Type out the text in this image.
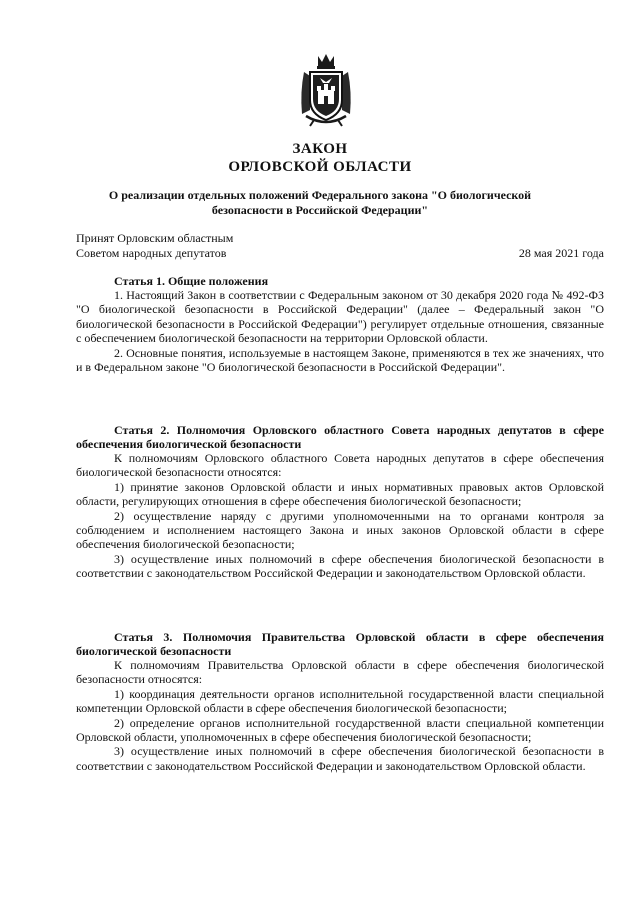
ЗАКОН
ОРЛОВСКОЙ ОБЛАСТИ
О реализации отдельных положений Федерального закона "О биологической безопасности в Российской Федерации"
Принят Орловским областным
Советом народных депутатов	28 мая 2021 года
Статья 1. Общие положения

1. Настоящий Закон в соответствии с Федеральным законом от 30 декабря 2020 года № 492-ФЗ "О биологической безопасности в Российской Федерации" (далее – Федеральный закон "О биологической безопасности в Российской Федерации") регулирует отдельные отношения, связанные с обеспечением биологической безопасности на территории Орловской области.

2. Основные понятия, используемые в настоящем Законе, применяются в тех же значениях, что и в Федеральном законе "О биологической безопасности в Российской Федерации".

Статья 2. Полномочия Орловского областного Совета народных депутатов в сфере обеспечения биологической безопасности

К полномочиям Орловского областного Совета народных депутатов в сфере обеспечения биологической безопасности относятся:

1) принятие законов Орловской области и иных нормативных правовых актов Орловской области, регулирующих отношения в сфере обеспечения биологической безопасности;

2) осуществление наряду с другими уполномоченными на то органами контроля за соблюдением и исполнением настоящего Закона и иных законов Орловской области в сфере обеспечения биологической безопасности;

3) осуществление иных полномочий в сфере обеспечения биологической безопасности в соответствии с законодательством Российской Федерации и законодательством Орловской области.

Статья 3. Полномочия Правительства Орловской области в сфере обеспечения биологической безопасности

К полномочиям Правительства Орловской области в сфере обеспечения биологической безопасности относятся:

1) координация деятельности органов исполнительной государственной власти специальной компетенции Орловской области в сфере обеспечения биологической безопасности;

2) определение органов исполнительной государственной власти специальной компетенции Орловской области, уполномоченных в сфере обеспечения биологической безопасности;

3) осуществление иных полномочий в сфере обеспечения биологической безопасности в соответствии с законодательством Российской Федерации и законодательством Орловской области.
